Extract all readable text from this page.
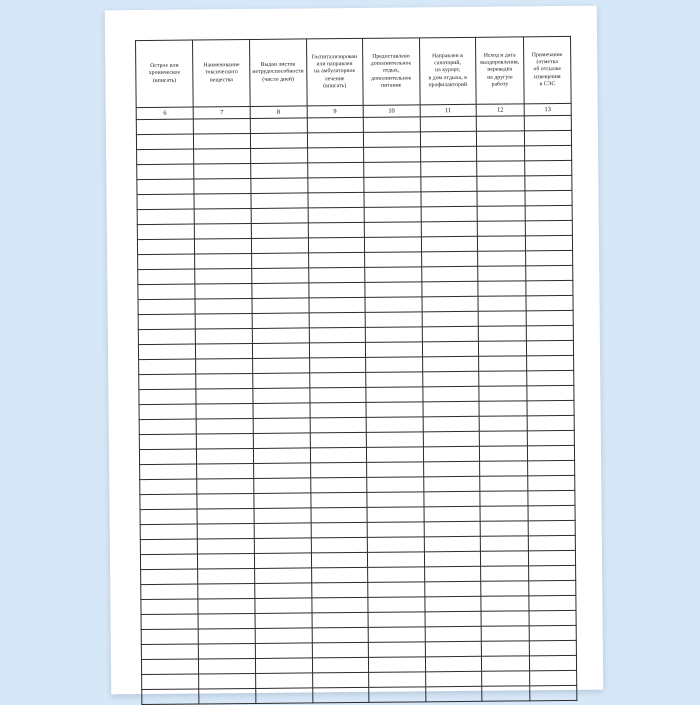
Острое или
хроническое
(вписать)	Наименование
токсического
вещества	Выдан листок
нетрудоспособности
(число дней)	Госпитализирован
или направлен
на амбулаторное
лечение
(вписать)	Предоставлено
дополнительное
отдых,
дополнительное
питание	Направлен в
санаторий,
на курорт,
в дом отдыха, в
профилакторий	Исход и дата
выздоровления,
переведён
на другую
работу	Примечание
(отметка
об отсылке
извещения
в СЭС

6	7	8	9	10	11	12	13
